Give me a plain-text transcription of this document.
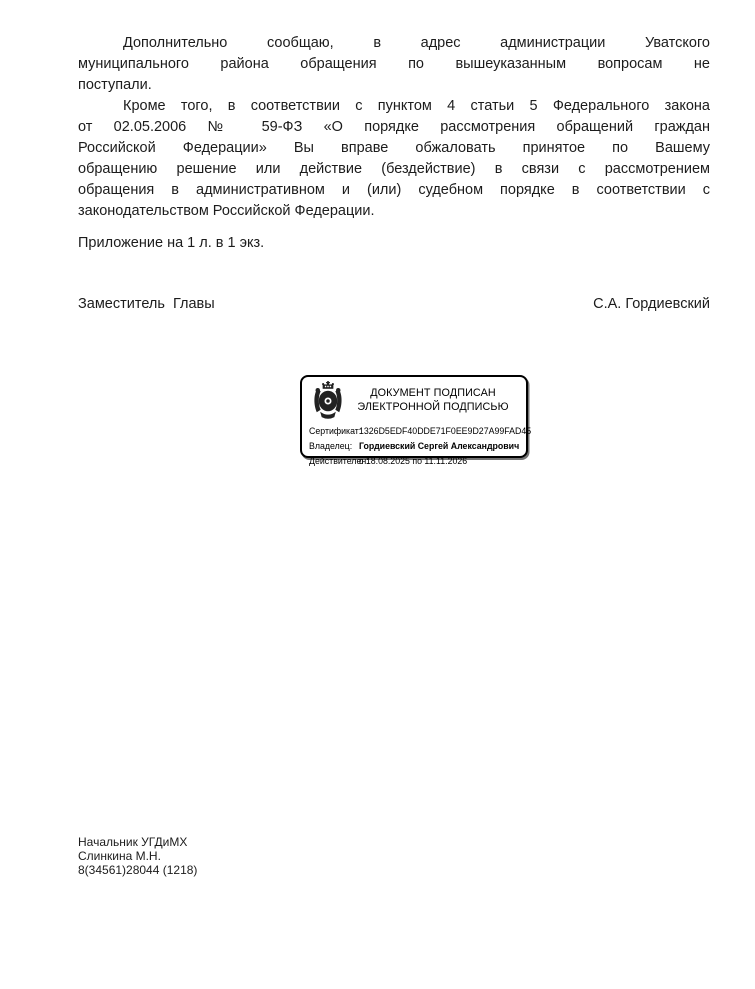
Дополнительно сообщаю, в адрес администрации Уватского
муниципального района обращения по вышеуказанным вопросам не
поступали.
Кроме того, в соответствии с пунктом 4 статьи 5 Федерального закона
от 02.05.2006 № 59-ФЗ «О порядке рассмотрения обращений граждан
Российской Федерации» Вы вправе обжаловать принятое по Вашему
обращению решение или действие (бездействие) в связи с рассмотрением
обращения в административном и (или) судебном порядке в соответствии с
законодательством Российской Федерации.
Приложение на 1 л. в 1 экз.
Заместитель  Главы	С.А. Гордиевский
ДОКУМЕНТ ПОДПИСАН
ЭЛЕКТРОННОЙ ПОДПИСЬЮ
Сертификат:
1326D5EDF40DDE71F0EE9D27A99FAD45
Владелец: Гордиевский Сергей Александрович
Действителен:
с 18.08.2025 по 11.11.2026
Начальник УГДиМХ
Слинкина М.Н.
8(34561)28044 (1218)
